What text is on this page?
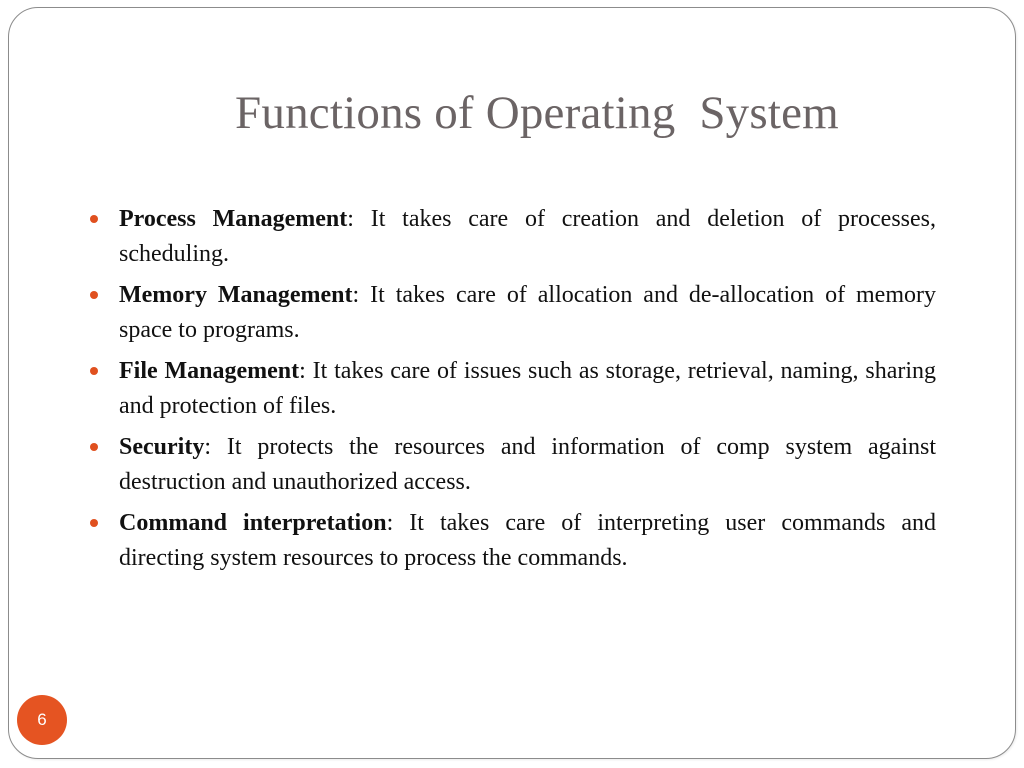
Functions of Operating  System
Process Management: It takes care of creation and deletion of processes, scheduling.
Memory Management: It takes care of allocation and de-allocation of memory space to programs.
File Management: It takes care of issues such as storage, retrieval, naming, sharing and protection of files.
Security: It protects the resources and information of comp system against destruction and unauthorized access.
Command interpretation: It takes care of interpreting user commands and directing system resources to process the commands.
6
